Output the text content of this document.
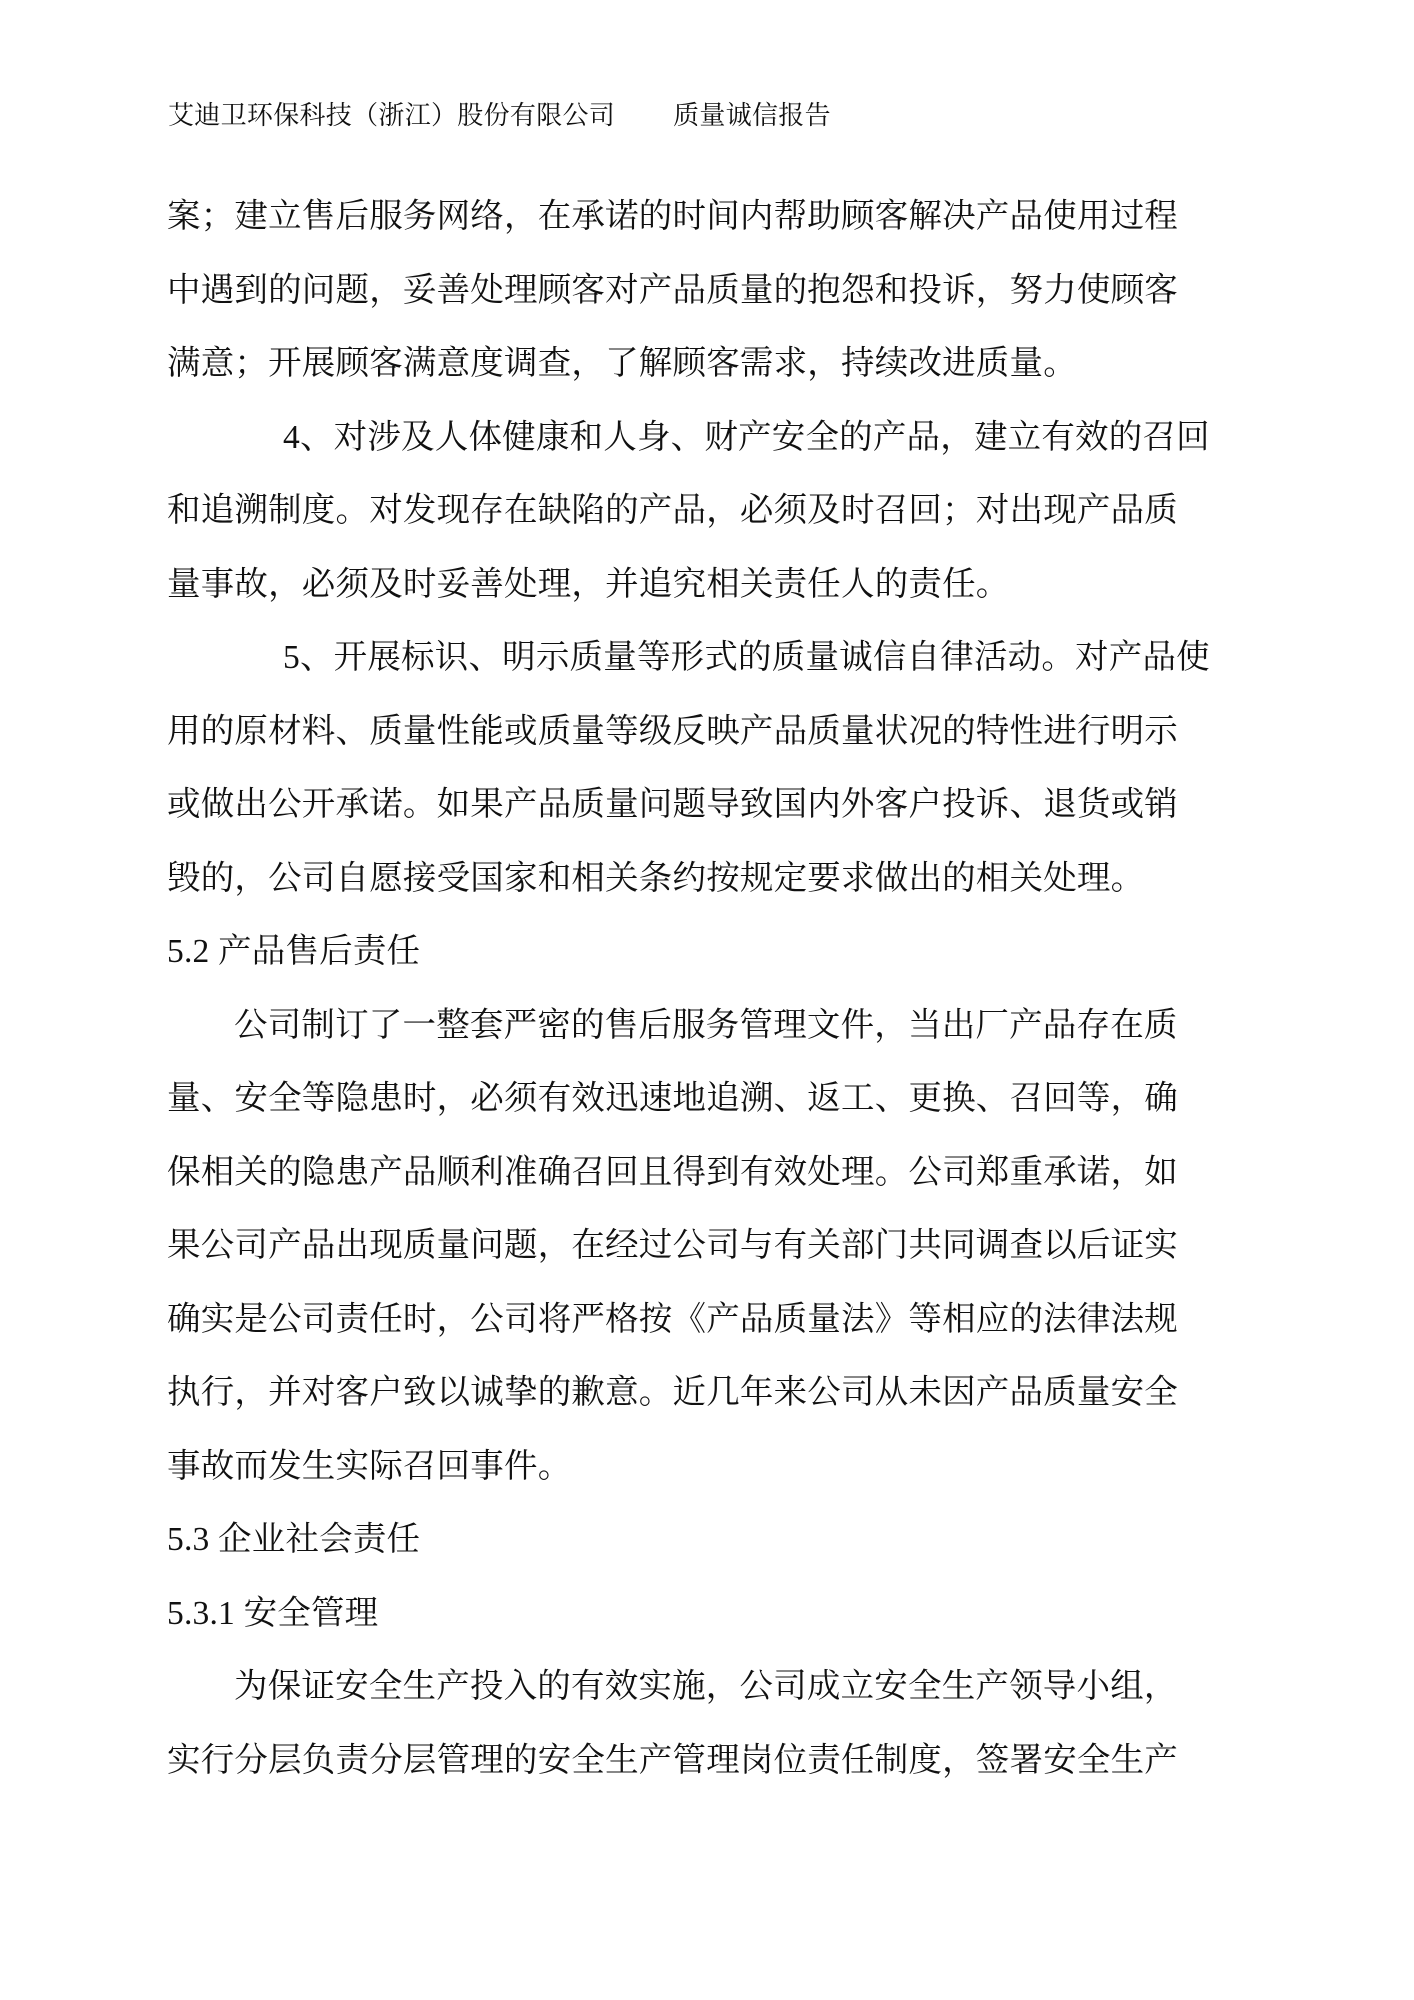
艾迪卫环保科技（浙江）股份有限公司 质量诚信报告
案；建立售后服务网络，在承诺的时间内帮助顾客解决产品使用过程
中遇到的问题，妥善处理顾客对产品质量的抱怨和投诉，努力使顾客
满意；开展顾客满意度调查，了解顾客需求，持续改进质量。
4、对涉及人体健康和人身、财产安全的产品，建立有效的召回
和追溯制度。对发现存在缺陷的产品，必须及时召回；对出现产品质
量事故，必须及时妥善处理，并追究相关责任人的责任。
5、开展标识、明示质量等形式的质量诚信自律活动。对产品使
用的原材料、质量性能或质量等级反映产品质量状况的特性进行明示
或做出公开承诺。如果产品质量问题导致国内外客户投诉、退货或销
毁的，公司自愿接受国家和相关条约按规定要求做出的相关处理。
5.2 产品售后责任
公司制订了一整套严密的售后服务管理文件，当出厂产品存在质
量、安全等隐患时，必须有效迅速地追溯、返工、更换、召回等，确
保相关的隐患产品顺利准确召回且得到有效处理。公司郑重承诺，如
果公司产品出现质量问题，在经过公司与有关部门共同调查以后证实
确实是公司责任时，公司将严格按《产品质量法》等相应的法律法规
执行，并对客户致以诚挚的歉意。近几年来公司从未因产品质量安全
事故而发生实际召回事件。
5.3 企业社会责任
5.3.1 安全管理
为保证安全生产投入的有效实施，公司成立安全生产领导小组，
实行分层负责分层管理的安全生产管理岗位责任制度，签署安全生产
